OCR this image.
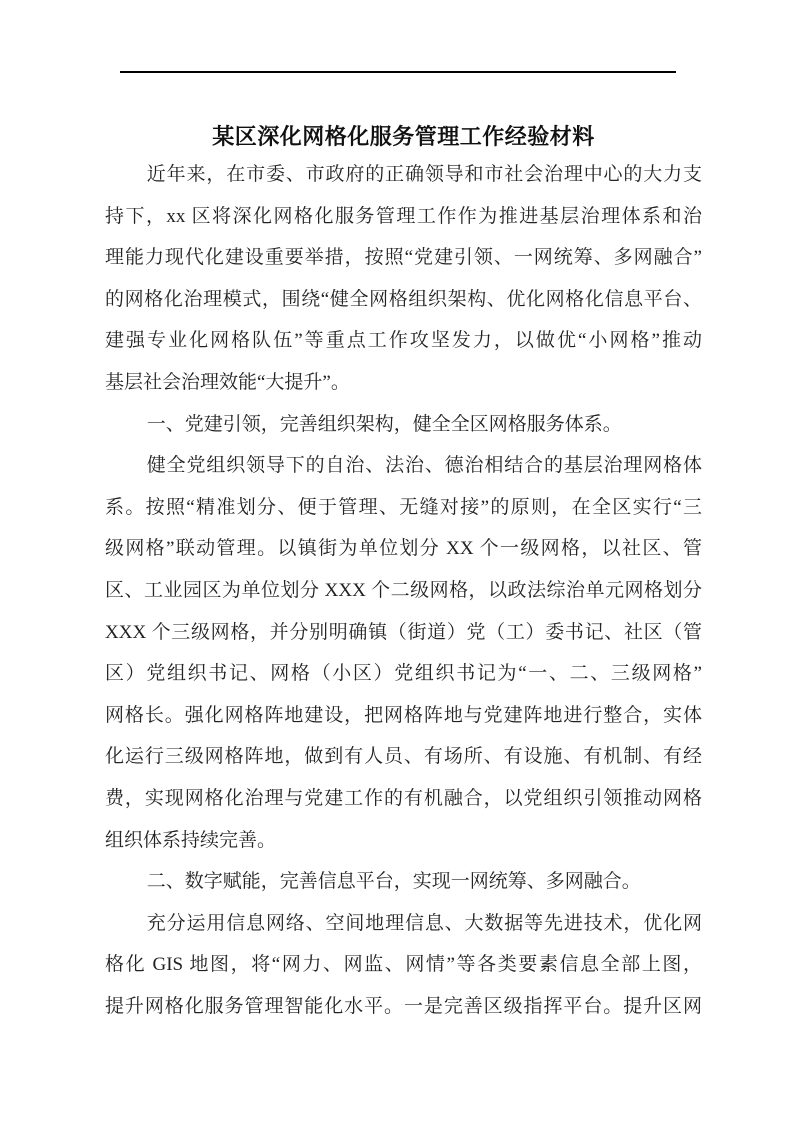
某区深化网格化服务管理工作经验材料
近年来，在市委、市政府的正确领导和市社会治理中心的大力支
持下，xx 区将深化网格化服务管理工作作为推进基层治理体系和治
理能力现代化建设重要举措，按照“党建引领、一网统筹、多网融合”
的网格化治理模式，围绕“健全网格组织架构、优化网格化信息平台、
建强专业化网格队伍”等重点工作攻坚发力，以做优“小网格”推动
基层社会治理效能“大提升”。
一、党建引领，完善组织架构，健全全区网格服务体系。
健全党组织领导下的自治、法治、德治相结合的基层治理网格体
系。按照“精准划分、便于管理、无缝对接”的原则，在全区实行“三
级网格”联动管理。以镇街为单位划分 XX 个一级网格，以社区、管
区、工业园区为单位划分 XXX 个二级网格，以政法综治单元网格划分
XXX 个三级网格，并分别明确镇（街道）党（工）委书记、社区（管
区）党组织书记、网格（小区）党组织书记为“一、二、三级网格”
网格长。强化网格阵地建设，把网格阵地与党建阵地进行整合，实体
化运行三级网格阵地，做到有人员、有场所、有设施、有机制、有经
费，实现网格化治理与党建工作的有机融合，以党组织引领推动网格
组织体系持续完善。
二、数字赋能，完善信息平台，实现一网统筹、多网融合。
充分运用信息网络、空间地理信息、大数据等先进技术，优化网
格化 GIS 地图，将“网力、网监、网情”等各类要素信息全部上图，
提升网格化服务管理智能化水平。一是完善区级指挥平台。提升区网
